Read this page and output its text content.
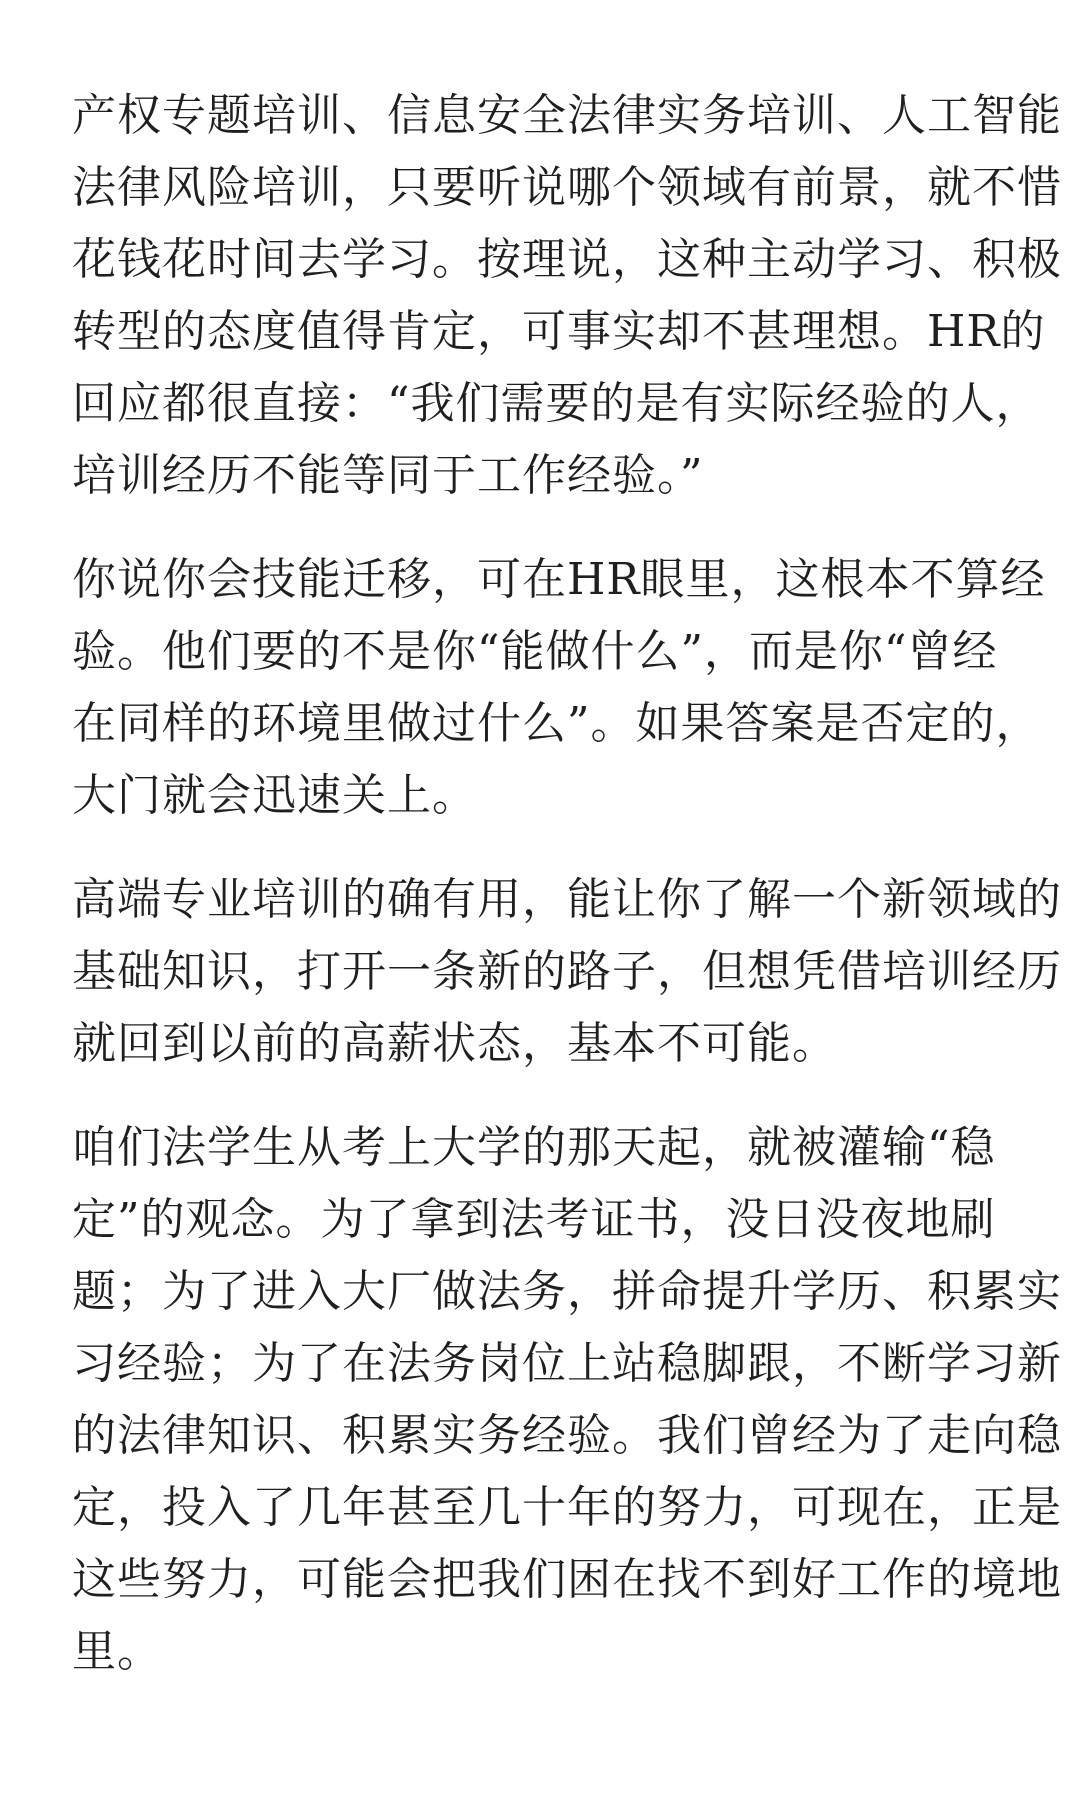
产权专题培训、信息安全法律实务培训、人工智能
法律风险培训，只要听说哪个领域有前景，就不惜
花钱花时间去学习。按理说，这种主动学习、积极
转型的态度值得肯定，可事实却不甚理想。HR的
回应都很直接：“我们需要的是有实际经验的人，
培训经历不能等同于工作经验。”

你说你会技能迁移，可在HR眼里，这根本不算经
验。他们要的不是你“能做什么”，而是你“曾经
在同样的环境里做过什么”。如果答案是否定的，
大门就会迅速关上。

高端专业培训的确有用，能让你了解一个新领域的
基础知识，打开一条新的路子，但想凭借培训经历
就回到以前的高薪状态，基本不可能。

咱们法学生从考上大学的那天起，就被灌输“稳
定”的观念。为了拿到法考证书，没日没夜地刷
题；为了进入大厂做法务，拼命提升学历、积累实
习经验；为了在法务岗位上站稳脚跟，不断学习新
的法律知识、积累实务经验。我们曾经为了走向稳
定，投入了几年甚至几十年的努力，可现在，正是
这些努力，可能会把我们困在找不到好工作的境地
里。
